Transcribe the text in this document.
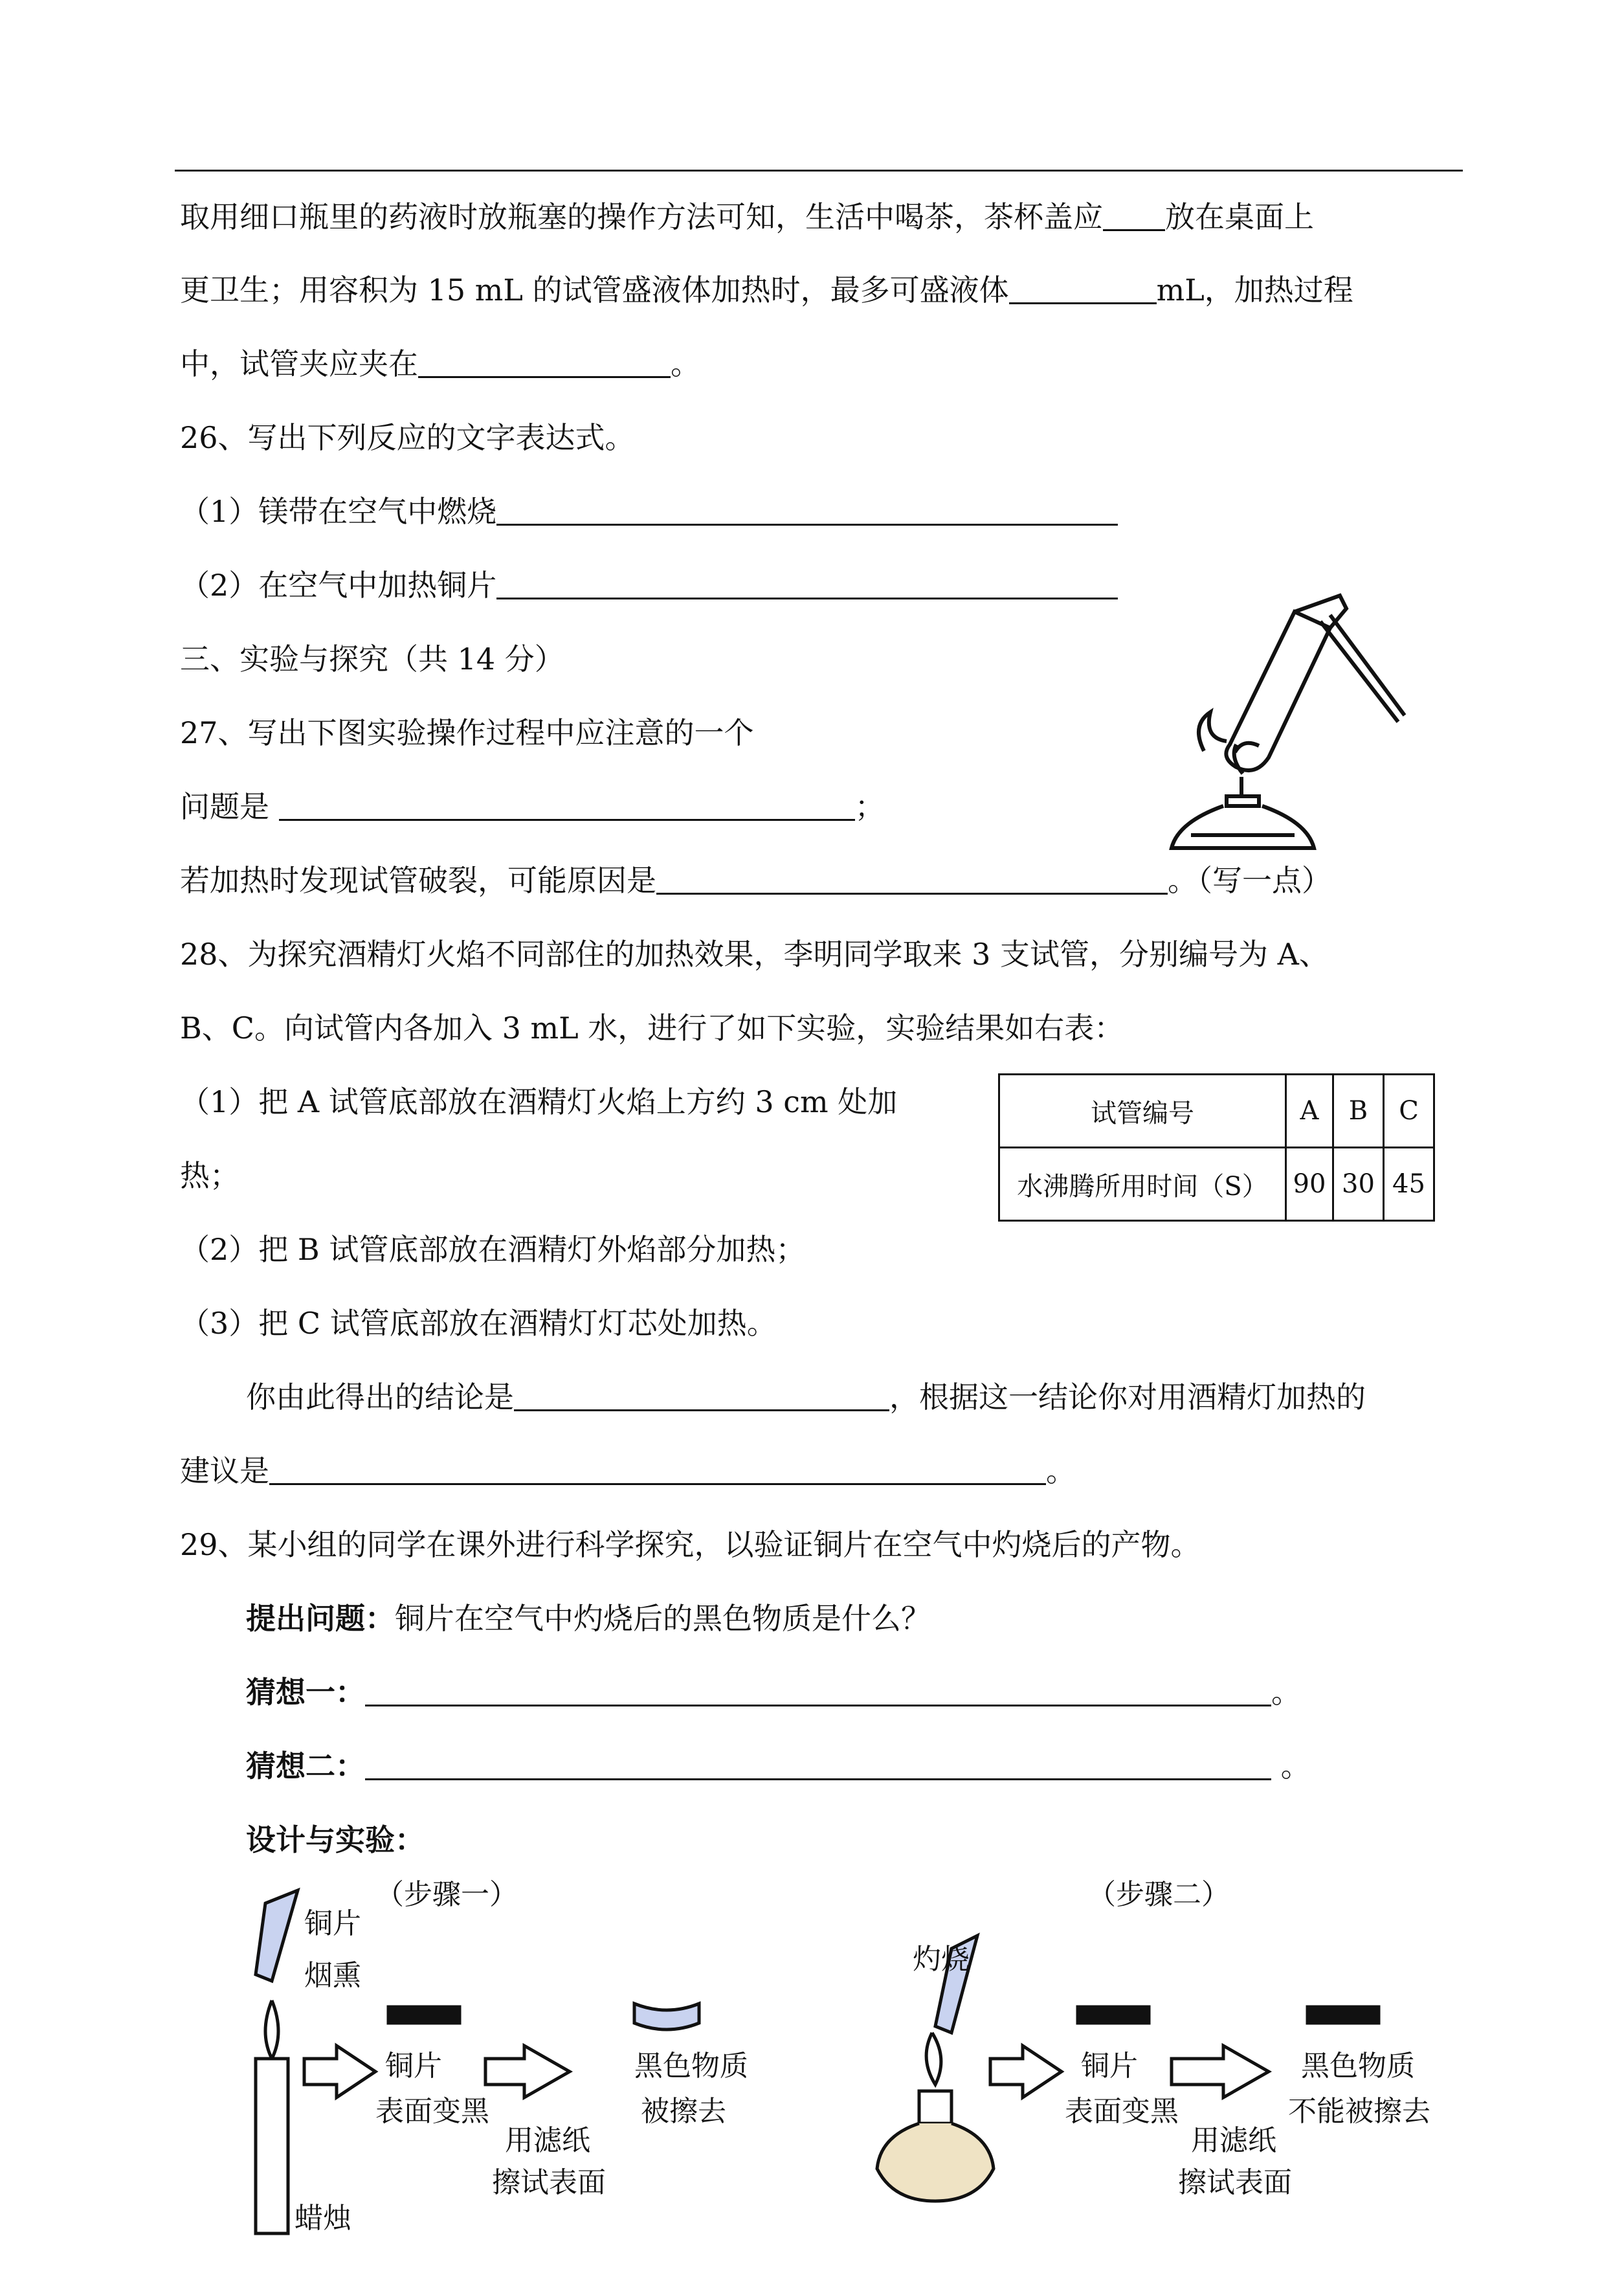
取用细口瓶里的药液时放瓶塞的操作方法可知，生活中喝茶，茶杯盖应 放在桌面上
更卫生；用容积为 15 mL 的试管盛液体加热时，最多可盛液体	mL，加热过程
中，试管夹应夹在	。
26、写出下列反应的文字表达式。
（1）镁带在空气中燃烧
（2）在空气中加热铜片
三、实验与探究（共 14 分）
27、写出下图实验操作过程中应注意的一个
问题是	；
若加热时发现试管破裂，可能原因是	。（写一点）
28、为探究酒精灯火焰不同部住的加热效果，李明同学取来 3 支试管，分别编号为 A、
B、C。向试管内各加入 3 mL 水，进行了如下实验，实验结果如右表：
（1）把 A 试管底部放在酒精灯火焰上方约 3 cm 处加
热；
试管编号	A	B	C
水沸腾所用时间（S）	90	30	45
（2）把 B 试管底部放在酒精灯外焰部分加热；
（3）把 C 试管底部放在酒精灯灯芯处加热。
你由此得出的结论是	，根据这一结论你对用酒精灯加热的
建议是	。
29、某小组的同学在课外进行科学探究，以验证铜片在空气中灼烧后的产物。
提出问题：铜片在空气中灼烧后的黑色物质是什么？
猜想一：	。
猜想二：	。
设计与实验：
（步骤一）	（步骤二）
铜片
烟熏
蜡烛
铜片
表面变黑
用滤纸
擦试表面
黑色物质
被擦去
灼烧
铜片
表面变黑
用滤纸
擦试表面
黑色物质
不能被擦去
